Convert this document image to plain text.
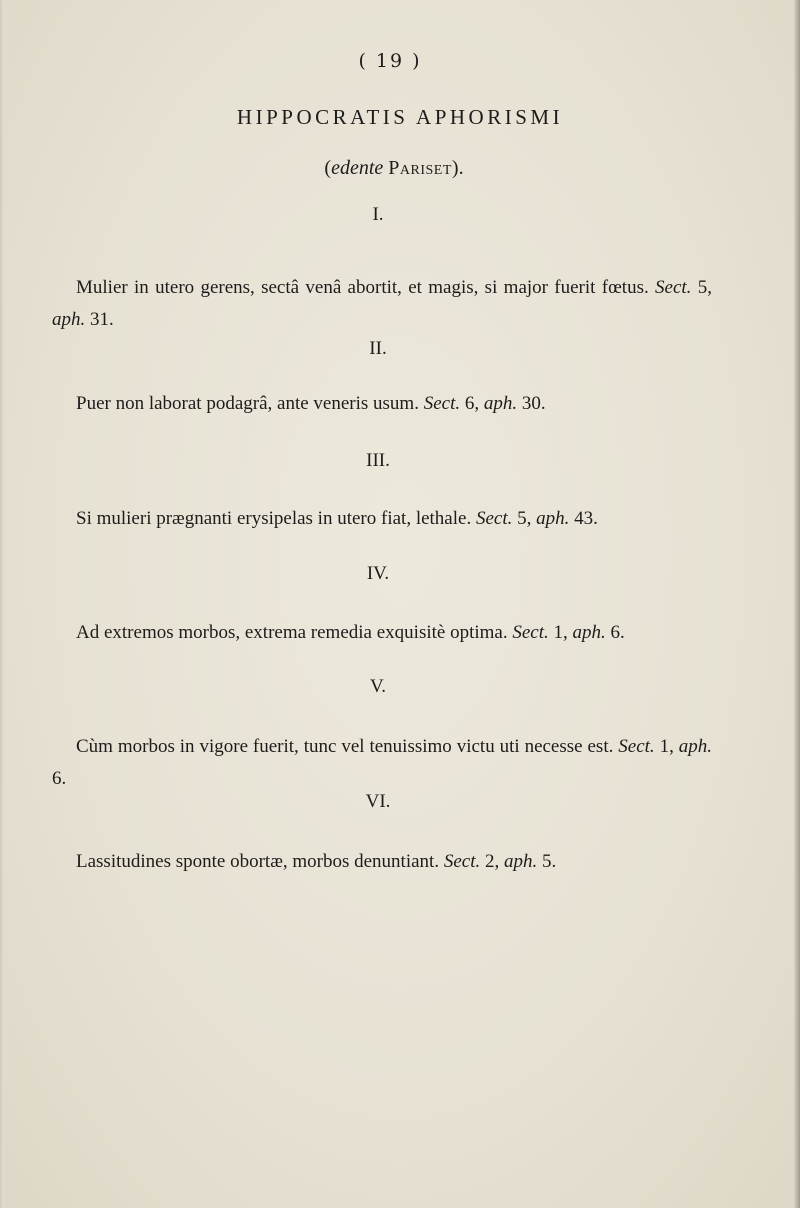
( 19 )
HIPPOCRATIS APHORISMI
(edente Pariset).
I.
Mulier in utero gerens, sectâ venâ abortit, et magis, si major fuerit fœtus. Sect. 5, aph. 31.
II.
Puer non laborat podagrâ, ante veneris usum. Sect. 6, aph. 30.
III.
Si mulieri prægnanti erysipelas in utero fiat, lethale. Sect. 5, aph. 43.
IV.
Ad extremos morbos, extrema remedia exquisitè optima. Sect. 1, aph. 6.
V.
Cùm morbos in vigore fuerit, tunc vel tenuissimo victu uti necesse est. Sect. 1, aph. 6.
VI.
Lassitudines sponte obortæ, morbos denuntiant. Sect. 2, aph. 5.
